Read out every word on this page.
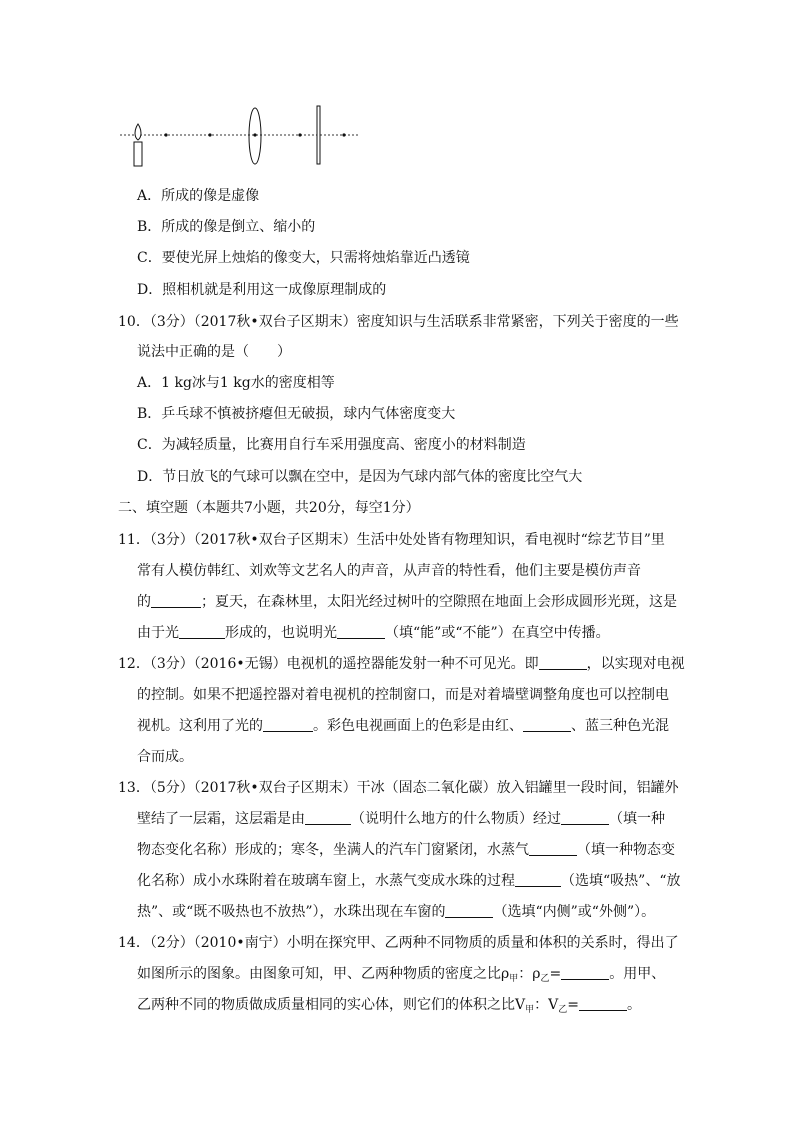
A．所成的像是虚像
B．所成的像是倒立、缩小的
C．要使光屏上烛焰的像变大，只需将烛焰靠近凸透镜
D．照相机就是利用这一成像原理制成的
10．（3分）（2017秋•双台子区期末）密度知识与生活联系非常紧密，下列关于密度的一些
说法中正确的是（　　）
A．1 kg冰与1 kg水的密度相等
B．乒乓球不慎被挤瘪但无破损，球内气体密度变大
C．为减轻质量，比赛用自行车采用强度高、密度小的材料制造
D．节日放飞的气球可以飘在空中，是因为气球内部气体的密度比空气大
二、填空题（本题共7小题，共20分，每空1分）
11．（3分）（2017秋•双台子区期末）生活中处处皆有物理知识，看电视时“综艺节目”里
常有人模仿韩红、刘欢等文艺名人的声音，从声音的特性看，他们主要是模仿声音
的	；夏天，在森林里，太阳光经过树叶的空隙照在地面上会形成圆形光斑，这是
由于光	形成的，也说明光	（填“能”或“不能”）在真空中传播。
12．（3分）（2016•无锡）电视机的遥控器能发射一种不可见光。即	，以实现对电视
的控制。如果不把遥控器对着电视机的控制窗口，而是对着墙壁调整角度也可以控制电
视机。这利用了光的	。彩色电视画面上的色彩是由红、	、蓝三种色光混
合而成。
13．（5分）（2017秋•双台子区期末）干冰（固态二氧化碳）放入铝罐里一段时间，铝罐外
壁结了一层霜，这层霜是由	（说明什么地方的什么物质）经过	（填一种
物态变化名称）形成的；寒冬，坐满人的汽车门窗紧闭，水蒸气	（填一种物态变
化名称）成小水珠附着在玻璃车窗上，水蒸气变成水珠的过程	（选填“吸热”、“放
热”、或“既不吸热也不放热”），水珠出现在车窗的	（选填“内侧”或“外侧”）。
14．（2分）（2010•南宁）小明在探究甲、乙两种不同物质的质量和体积的关系时，得出了
如图所示的图象。由图象可知，甲、乙两种物质的密度之比$\rho_甲$：$\rho_乙=$	。用甲、
乙两种不同的物质做成质量相同的实心体，则它们的体积之比$V_甲$：$V_乙=$	。
